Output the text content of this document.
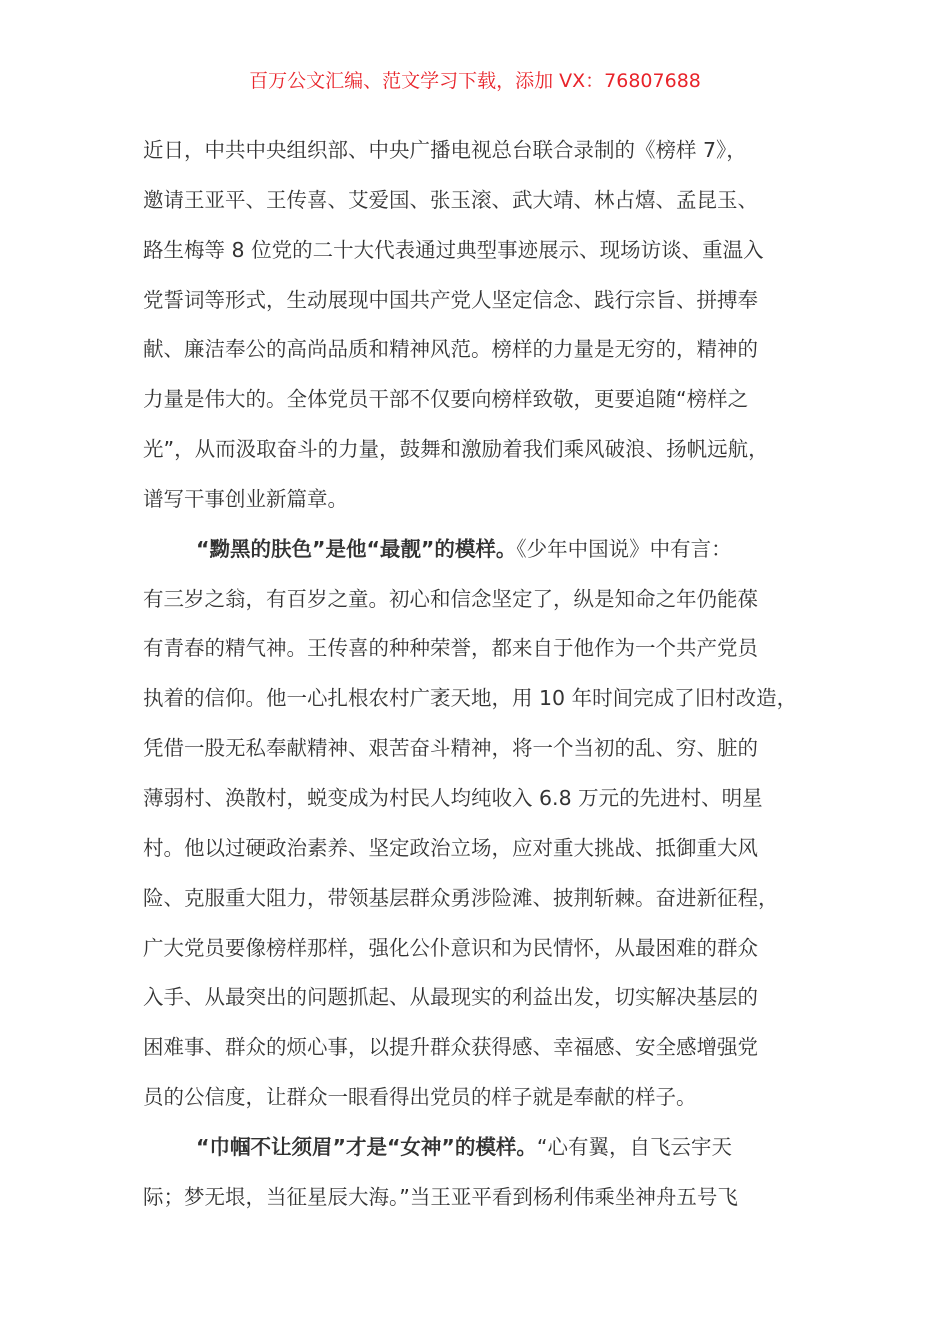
百万公文汇编、范文学习下载，添加 VX：76807688
近日，中共中央组织部、中央广播电视总台联合录制的《榜样 7》，
邀请王亚平、王传喜、艾爱国、张玉滚、武大靖、林占熺、孟昆玉、
路生梅等 8 位党的二十大代表通过典型事迹展示、现场访谈、重温入
党誓词等形式，生动展现中国共产党人坚定信念、践行宗旨、拼搏奉
献、廉洁奉公的高尚品质和精神风范。榜样的力量是无穷的，精神的
力量是伟大的。全体党员干部不仅要向榜样致敬，更要追随“榜样之
光”，从而汲取奋斗的力量，鼓舞和激励着我们乘风破浪、扬帆远航，
谱写干事创业新篇章。
“黝黑的肤色”是他“最靓”的模样。《少年中国说》中有言：
有三岁之翁，有百岁之童。初心和信念坚定了，纵是知命之年仍能葆
有青春的精气神。王传喜的种种荣誉，都来自于他作为一个共产党员
执着的信仰。他一心扎根农村广袤天地，用 10 年时间完成了旧村改造，
凭借一股无私奉献精神、艰苦奋斗精神，将一个当初的乱、穷、脏的
薄弱村、涣散村，蜕变成为村民人均纯收入 6.8 万元的先进村、明星
村。他以过硬政治素养、坚定政治立场，应对重大挑战、抵御重大风
险、克服重大阻力，带领基层群众勇涉险滩、披荆斩棘。奋进新征程，
广大党员要像榜样那样，强化公仆意识和为民情怀，从最困难的群众
入手、从最突出的问题抓起、从最现实的利益出发，切实解决基层的
困难事、群众的烦心事，以提升群众获得感、幸福感、安全感增强党
员的公信度，让群众一眼看得出党员的样子就是奉献的样子。
“巾帼不让须眉”才是“女神”的模样。“心有翼，自飞云宇天
际；梦无垠，当征星辰大海。”当王亚平看到杨利伟乘坐神舟五号飞
